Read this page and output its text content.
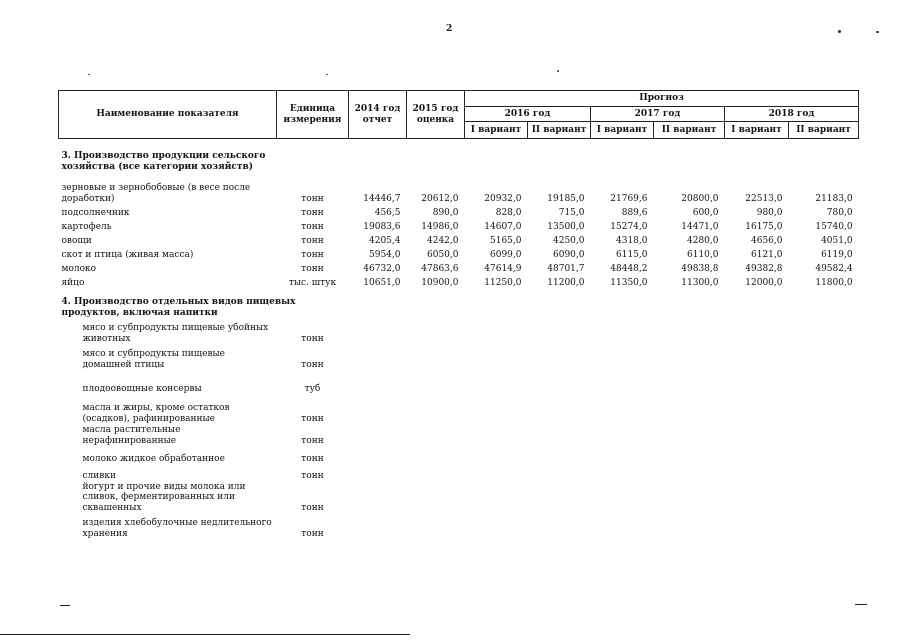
2
Наименование показателя	Единица измерения	2014 год отчет	2015 год оценка	Прогноз					
				2016 год		2017 год		2018 год	
				I вариант	II вариант	I вариант	II вариант	I вариант	II вариант
3. Производство продукции сельского хозяйства (все категории хозяйств)									

зерновые и зернобобовые (в весе после доработки)	тонн	14446,7	20612,0	20932,0	19185,0	21769,6	20800,0	22513,0	21183,0
подсолнечник	тонн	456,5	890,0	828,0	715,0	889,6	600,0	980,0	780,0
картофель	тонн	19083,6	14986,0	14607,0	13500,0	15274,0	14471,0	16175,0	15740,0
овощи	тонн	4205,4	4242,0	5165,0	4250,0	4318,0	4280,0	4656,0	4051,0
скот и птица (живая масса)	тонн	5954,0	6050,0	6099,0	6090,0	6115,0	6110,0	6121,0	6119,0
молоко	тонн	46732,0	47863,6	47614,9	48701,7	48448,2	49838,8	49382,8	49582,4
яйцо	тыс. штук	10651,0	10900,0	11250,0	11200,0	11350,0	11300,0	12000,0	11800,0
4. Производство отдельных видов пищевых продуктов, включая напитки									
мясо и субпродукты пищевые убойных животных	тонн								
мясо и субпродукты пищевые домашней птицы	тонн								
плодоовощные консервы	туб								
масла и жиры, кроме остатков (осадков), рафинированные	тонн								
масла растительные нерафинированные	тонн								
молоко жидкое обработанное	тонн								
сливки	тонн								
йогурт и прочие виды молока или сливок, ферментированных или сквашенных	тонн								
изделия хлебобулочные недлительного хранения	тонн								
